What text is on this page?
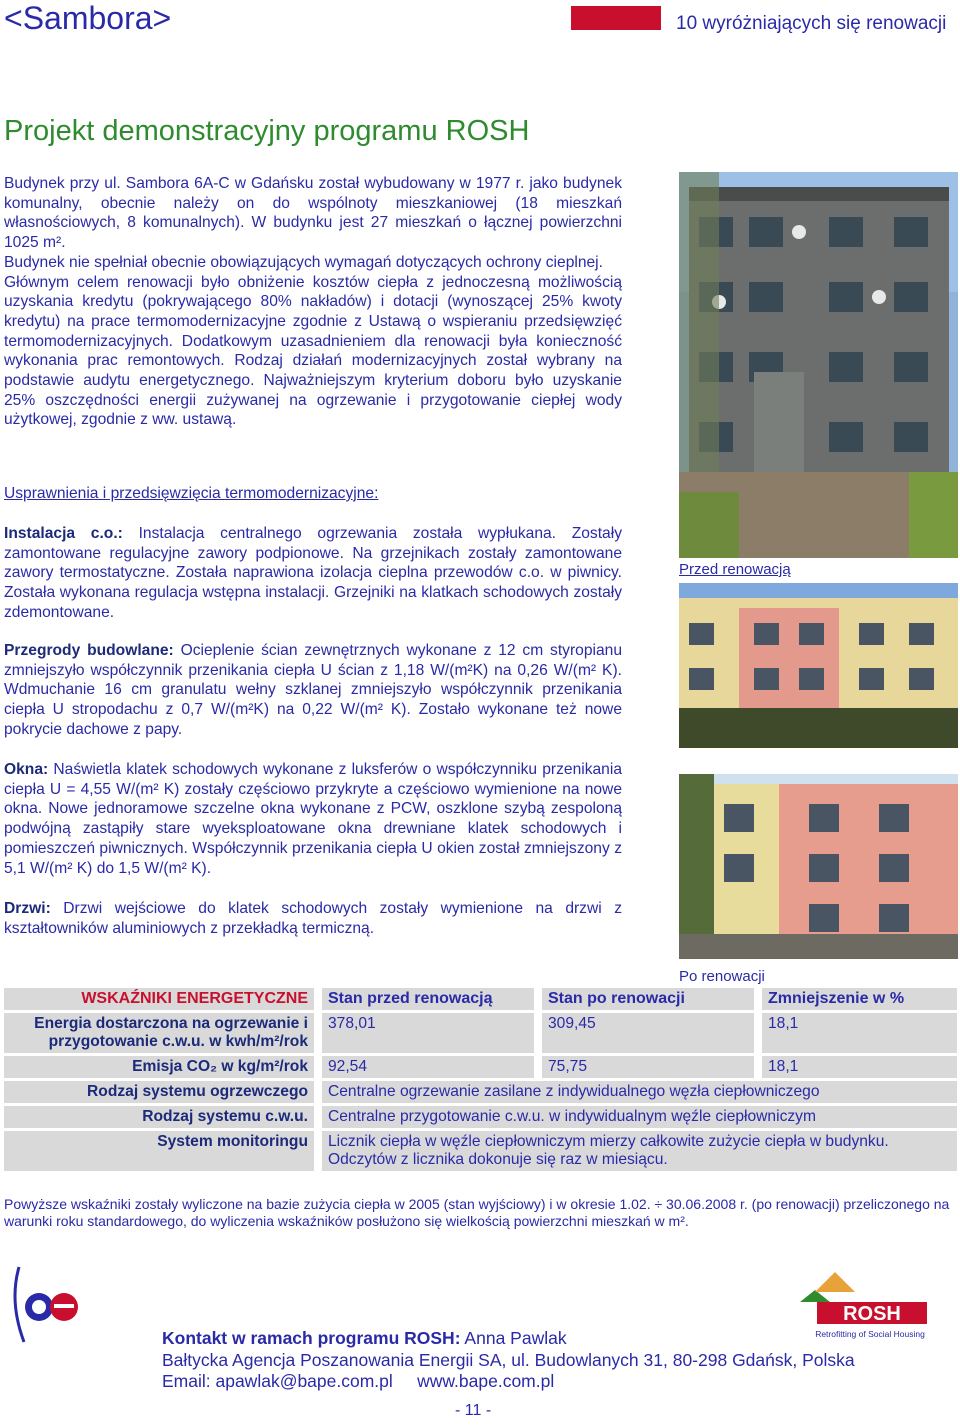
<Sambora>	10 wyróżniających się renowacji
Projekt demonstracyjny programu ROSH

Budynek przy ul. Sambora 6A-C w Gdańsku został wybudowany w 1977 r. jako budynek komunalny, obecnie należy on do wspólnoty mieszkaniowej (18 mieszkań własnościowych, 8 komunalnych). W budynku jest 27 mieszkań o łącznej powierzchni 1025 m².

Budynek nie spełniał obecnie obowiązujących wymagań dotyczących ochrony cieplnej.

Głównym celem renowacji było obniżenie kosztów ciepła z jednoczesną możliwością uzyskania kredytu (pokrywającego 80% nakładów) i dotacji (wynoszącej 25% kwoty kredytu) na prace termomodernizacyjne zgodnie z Ustawą o wspieraniu przedsięwzięć termomodernizacyjnych. Dodatkowym uzasadnieniem dla renowacji była konieczność wykonania prac remontowych. Rodzaj działań modernizacyjnych został wybrany na podstawie audytu energetycznego. Najważniejszym kryterium doboru było uzyskanie 25% oszczędności energii zużywanej na ogrzewanie i przygotowanie ciepłej wody użytkowej, zgodnie z ww. ustawą.

Usprawnienia i przedsięwzięcia termomodernizacyjne:
Instalacja c.o.: Instalacja centralnego ogrzewania została wypłukana. Zostały zamontowane regulacyjne zawory podpionowe. Na grzejnikach zostały zamontowane zawory termostatyczne. Została naprawiona izolacja cieplna przewodów c.o. w piwnicy. Została wykonana regulacja wstępna instalacji. Grzejniki na klatkach schodowych zostały zdemontowane.
Przegrody budowlane: Ocieplenie ścian zewnętrznych wykonane z 12 cm styropianu zmniejszyło współczynnik przenikania ciepła U ścian z 1,18 W/(m²K) na 0,26 W/(m² K). Wdmuchanie 16 cm granulatu wełny szklanej zmniejszyło współczynnik przenikania ciepła U stropodachu z 0,7 W/(m²K) na 0,22 W/(m² K). Zostało wykonane też nowe pokrycie dachowe z papy.
Okna: Naświetla klatek schodowych wykonane z luksferów o współczynniku przenikania ciepła U = 4,55 W/(m² K) zostały częściowo przykryte a częściowo wymienione na nowe okna. Nowe jednoramowe szczelne okna wykonane z PCW, oszklone szybą zespoloną podwójną zastąpiły stare wyeksploatowane okna drewniane klatek schodowych i pomieszczeń piwnicznych. Współczynnik przenikania ciepła U okien został zmniejszony z 5,1 W/(m² K) do 1,5 W/(m² K).
Drzwi: Drzwi wejściowe do klatek schodowych zostały wymienione na drzwi z kształtowników aluminiowych z przekładką termiczną.
Przed renowacją
Po renowacji
WSKAŹNIKI ENERGETYCZNE		Stan przed renowacją		Stan po renowacji		Zmniejszenie w %
Energia dostarczona na ogrzewanie i przygotowanie c.w.u. w kwh/m²/rok		378,01		309,45		18,1
Emisja CO₂ w kg/m²/rok		92,54		75,75		18,1
Rodzaj systemu ogrzewczego		Centralne ogrzewanie zasilane z indywidualnego węzła ciepłowniczego				
Rodzaj systemu c.w.u.		Centralne przygotowanie c.w.u. w indywidualnym węźle ciepłowniczym				
System monitoringu		Licznik ciepła w węźle ciepłowniczym mierzy całkowite zużycie ciepła w budynku. Odczytów z licznika dokonuje się raz w miesiącu.				
Powyższe wskaźniki zostały wyliczone na bazie zużycia ciepła w 2005 (stan wyjściowy) i w okresie 1.02. ÷ 30.06.2008 r. (po renowacji) przeliczonego na warunki roku standardowego, do wyliczenia wskaźników posłużono się wielkością powierzchni mieszkań w m².
ROSH
Retrofitting of Social Housing
Kontakt w ramach programu ROSH: Anna Pawlak
Bałtycka Agencja Poszanowania Energii SA, ul. Budowlanych 31, 80-298 Gdańsk, Polska
Email: apawlak@bape.com.pl     www.bape.com.pl
- 11 -
